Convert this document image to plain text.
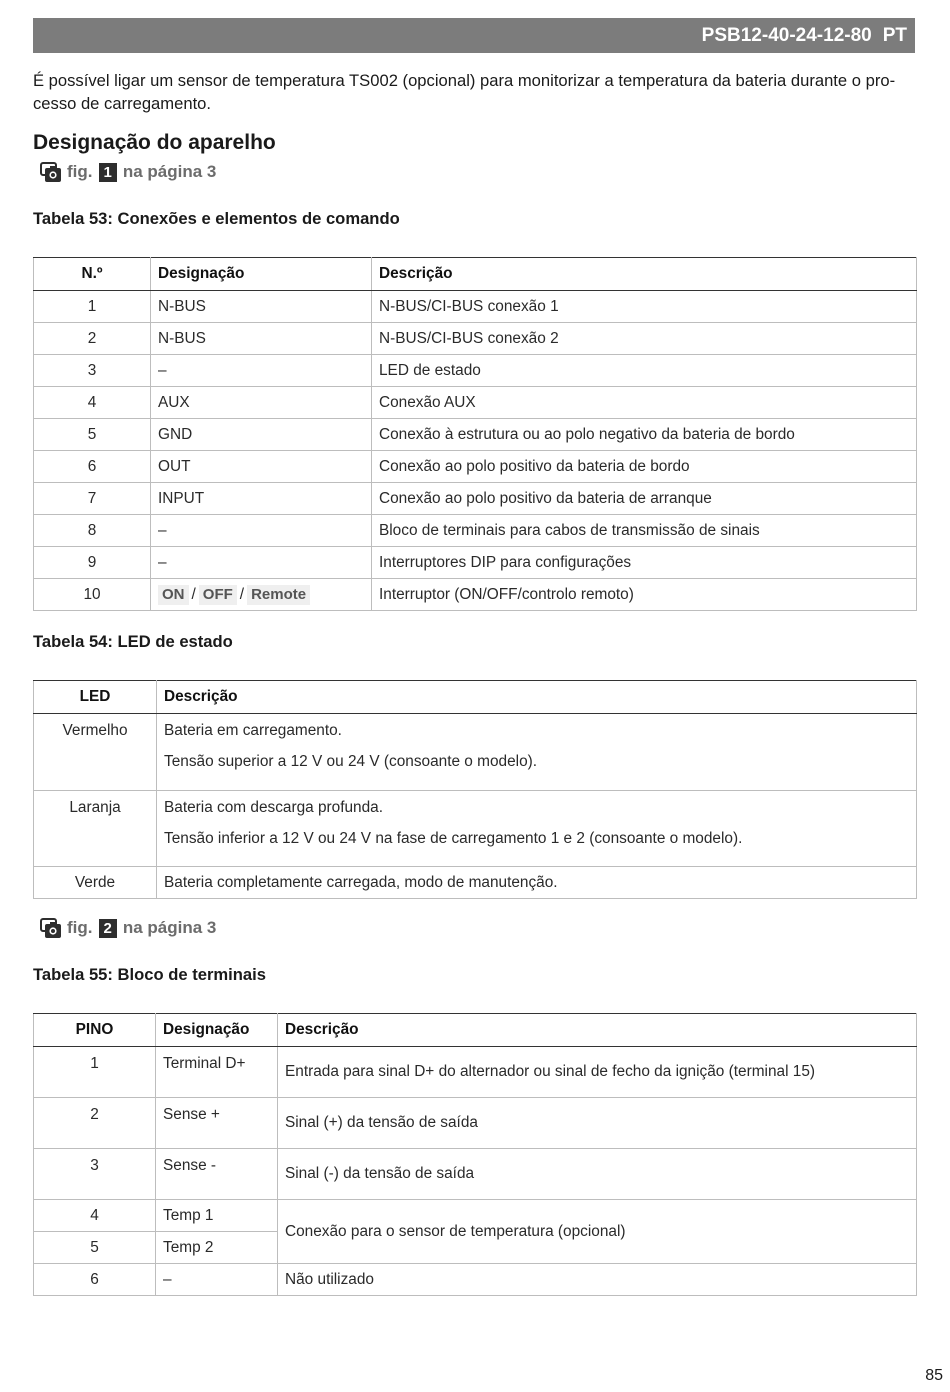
PSB12-40-24-12-80 PT

É possível ligar um sensor de temperatura TS002 (opcional) para monitorizar a temperatura da bateria durante o pro-cesso de carregamento.

Designação do aparelho
fig. 1 na página 3
Tabela 53: Conexões e elementos de comando
N.º	Designação	Descrição
1	N-BUS	N-BUS/CI-BUS conexão 1
2	N-BUS	N-BUS/CI-BUS conexão 2
3	–	LED de estado
4	AUX	Conexão AUX
5	GND	Conexão à estrutura ou ao polo negativo da bateria de bordo
6	OUT	Conexão ao polo positivo da bateria de bordo
7	INPUT	Conexão ao polo positivo da bateria de arranque
8	–	Bloco de terminais para cabos de transmissão de sinais
9	–	Interruptores DIP para configurações
10	ON / OFF / Remote	Interruptor (ON/OFF/controlo remoto)
Tabela 54: LED de estado
LED	Descrição
Vermelho	Bateria em carregamento.

Tensão superior a 12 V ou 24 V (consoante o modelo).

Laranja	Bateria com descarga profunda.

Tensão inferior a 12 V ou 24 V na fase de carregamento 1 e 2 (consoante o modelo).

Verde	Bateria completamente carregada, modo de manutenção.

fig. 2 na página 3
Tabela 55: Bloco de terminais
PINO	Designação	Descrição
1	Terminal D+	Entrada para sinal D+ do alternador ou sinal de fecho da ignição (terminal 15)
2	Sense +	Sinal (+) da tensão de saída
3	Sense -	Sinal (-) da tensão de saída
4	Temp 1	Conexão para o sensor de temperatura (opcional)
5	Temp 2	
6	–	Não utilizado
85
